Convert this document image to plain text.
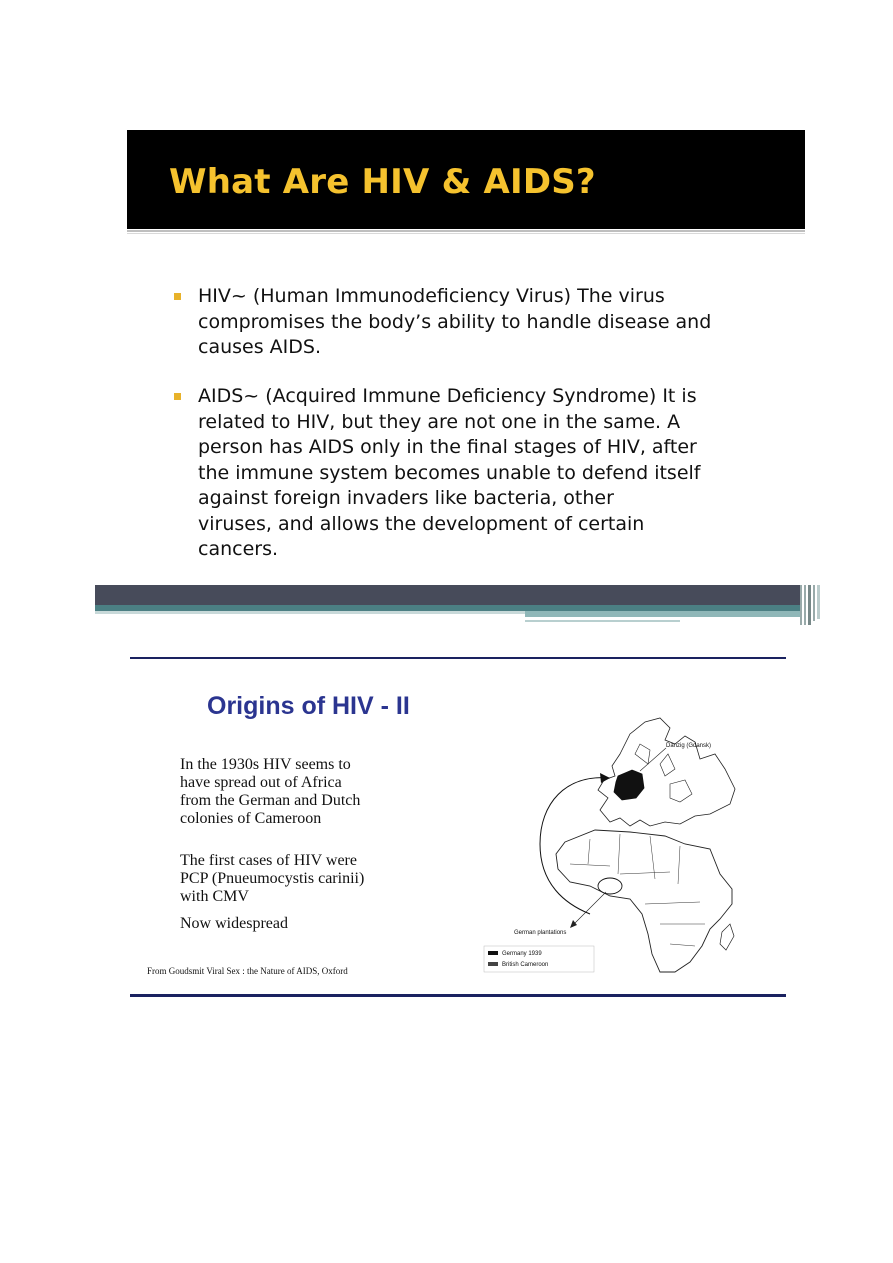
What Are HIV & AIDS?
HIV~ (Human Immunodeficiency Virus) The virus
compromises the body’s ability to handle disease and
causes AIDS.
AIDS~ (Acquired Immune Deficiency Syndrome) It is
related to HIV, but they are not one in the same. A
person has AIDS only in the final stages of HIV, after
the immune system becomes unable to defend itself
against foreign invaders like bacteria, other
viruses, and allows the development of certain
cancers.
Origins of HIV - II
In the 1930s HIV seems to
have spread out of Africa
from the German and Dutch
colonies of Cameroon
The first cases of HIV were
PCP (Pnueumocystis carinii)
with CMV
Now widespread
From Goudsmit Viral Sex : the Nature of AIDS, Oxford
Danzig (Gdansk)
German plantations
Germany 1939
British Cameroon
